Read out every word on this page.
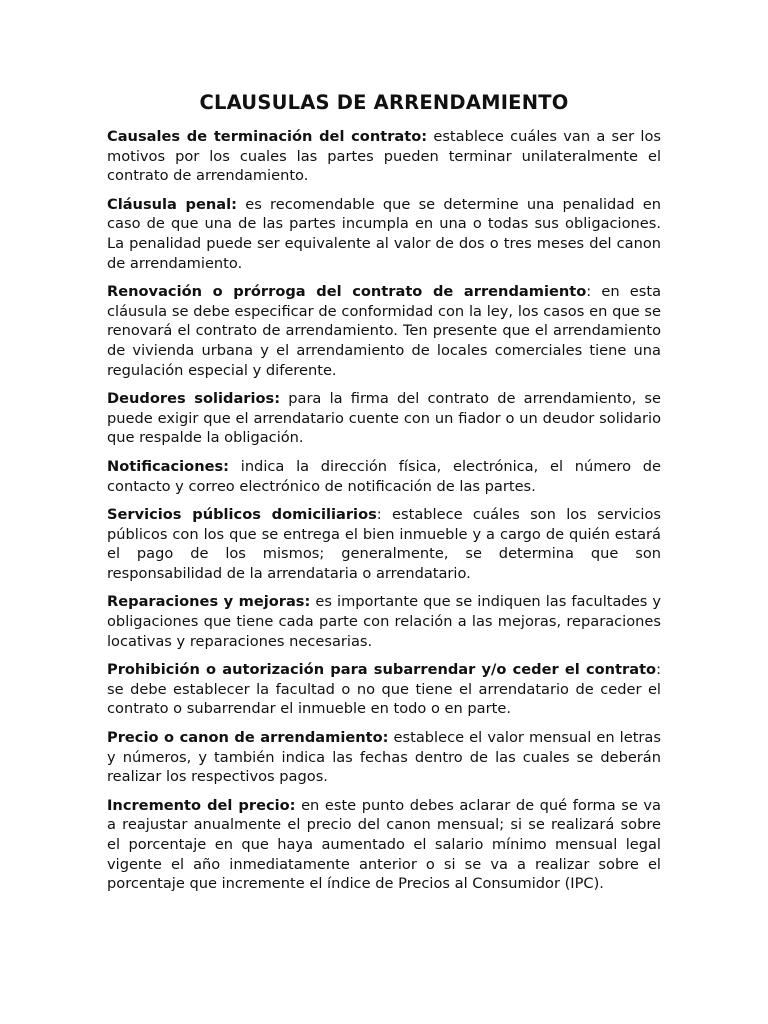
CLAUSULAS DE ARRENDAMIENTO

Causales de terminación del contrato: establece cuáles van a ser los motivos por los cuales las partes pueden terminar unilateralmente el contrato de arrendamiento.

Cláusula penal: es recomendable que se determine una penalidad en caso de que una de las partes incumpla en una o todas sus obligaciones. La penalidad puede ser equivalente al valor de dos o tres meses del canon de arrendamiento.

Renovación o prórroga del contrato de arrendamiento: en esta cláusula se debe especificar de conformidad con la ley, los casos en que se renovará el contrato de arrendamiento. Ten presente que el arrendamiento de vivienda urbana y el arrendamiento de locales comerciales tiene una regulación especial y diferente.

Deudores solidarios: para la firma del contrato de arrendamiento, se puede exigir que el arrendatario cuente con un fiador o un deudor solidario que respalde la obligación.

Notificaciones: indica la dirección física, electrónica, el número de contacto y correo electrónico de notificación de las partes.

Servicios públicos domiciliarios: establece cuáles son los servicios públicos con los que se entrega el bien inmueble y a cargo de quién estará el pago de los mismos; generalmente, se determina que son responsabilidad de la arrendataria o arrendatario.

Reparaciones y mejoras: es importante que se indiquen las facultades y obligaciones que tiene cada parte con relación a las mejoras, reparaciones locativas y reparaciones necesarias.

Prohibición o autorización para subarrendar y/o ceder el contrato: se debe establecer la facultad o no que tiene el arrendatario de ceder el contrato o subarrendar el inmueble en todo o en parte.

Precio o canon de arrendamiento: establece el valor mensual en letras y números, y también indica las fechas dentro de las cuales se deberán realizar los respectivos pagos.

Incremento del precio: en este punto debes aclarar de qué forma se va a reajustar anualmente el precio del canon mensual; si se realizará sobre el porcentaje en que haya aumentado el salario mínimo mensual legal vigente el año inmediatamente anterior o si se va a realizar sobre el porcentaje que incremente el índice de Precios al Consumidor (IPC).
